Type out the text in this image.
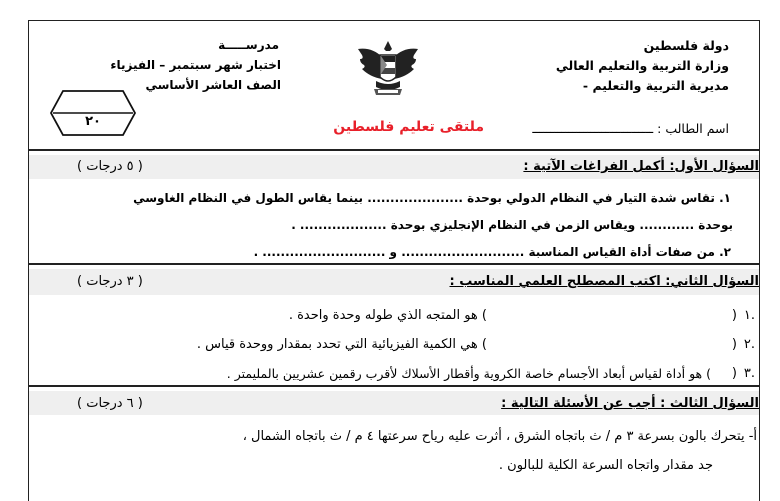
دولة فلسطين
وزارة التربية والتعليم العالي
مديرية التربية والتعليم -
مدرســـــة
اختبار شهر سبتمبر – الفيزياء
الصف العاشر الأساسي
٢٠	اسم الطالب : ـــــــــــــــــــــــــــــــــ
ملتقى تعليم فلسطين
السؤال الأول: أكمل الفراغات الآتية :
( ٥ درجات )
١. تقاس شدة التيار في النظام الدولي بوحدة ..................... بينما يقاس الطول في النظام الغاوسي
بوحدة ............ ويقاس الزمن في النظام الإنجليزي بوحدة ................... .
٢. من صفات أداة القياس المناسبة ........................... و ........................... .
السؤال الثاني: اكتب المصطلح العلمي المناسب :
( ٣ درجات )
.١
(
) هو المتجه الذي طوله وحدة واحدة .
.٢
(
) هي الكمية الفيزيائية التي تحدد بمقدار ووحدة قياس .
.٣
(
) هو أداة لقياس أبعاد الأجسام خاصة الكروية وأقطار الأسلاك لأقرب رقمين عشريين بالمليمتر .
السؤال الثالث : أجب عن الأسئلة التالية :
( ٦ درجات )
أ- يتحرك بالون بسرعة ٣ م / ث باتجاه الشرق ، أثرت عليه رياح سرعتها ٤ م / ث باتجاه الشمال ،
جد مقدار واتجاه السرعة الكلية للبالون .
